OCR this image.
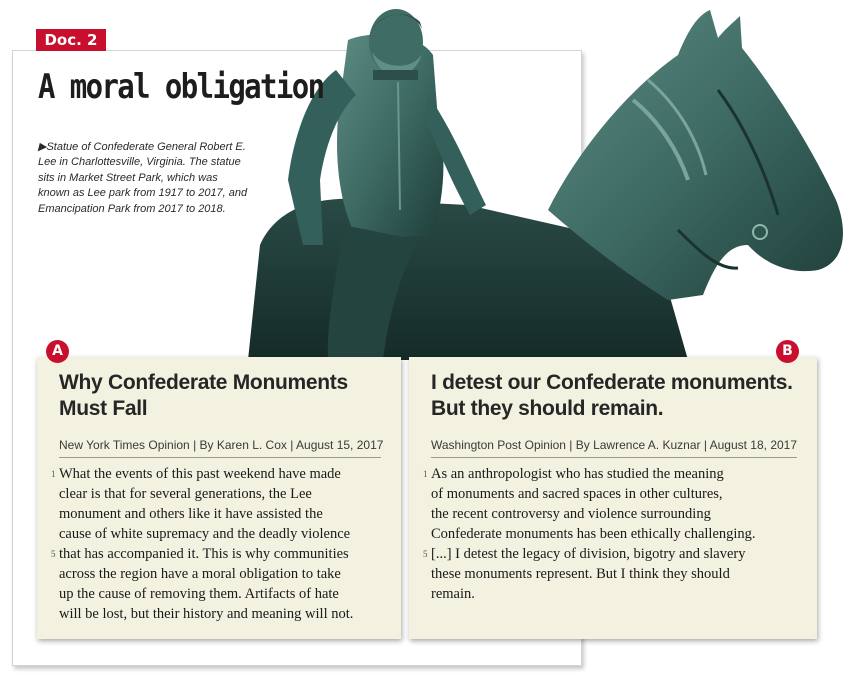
Doc. 2
A moral obligation

▶Statue of Confederate General Robert E. Lee in Charlottesville, Virginia. The statue sits in Market Street Park, which was known as Lee park from 1917 to 2017, and Emancipation Park from 2017 to 2018.

Why Confederate Monuments Must Fall

New York Times Opinion | By Karen L. Cox | August 15, 2017

1
5
What the events of this past weekend have made
clear is that for several generations, the Lee
monument and others like it have assisted the
cause of white supremacy and the deadly violence
that has accompanied it. This is why communities
across the region have a moral obligation to take
up the cause of removing them. Artifacts of hate
will be lost, but their history and meaning will not.
I detest our Confederate monuments. But they should remain.

Washington Post Opinion | By Lawrence A. Kuznar | August 18, 2017

1
5
As an anthropologist who has studied the meaning
of monuments and sacred spaces in other cultures,
the recent controversy and violence surrounding
Confederate monuments has been ethically challenging.
[...] I detest the legacy of division, bigotry and slavery
these monuments represent. But I think they should
remain.
A	B
